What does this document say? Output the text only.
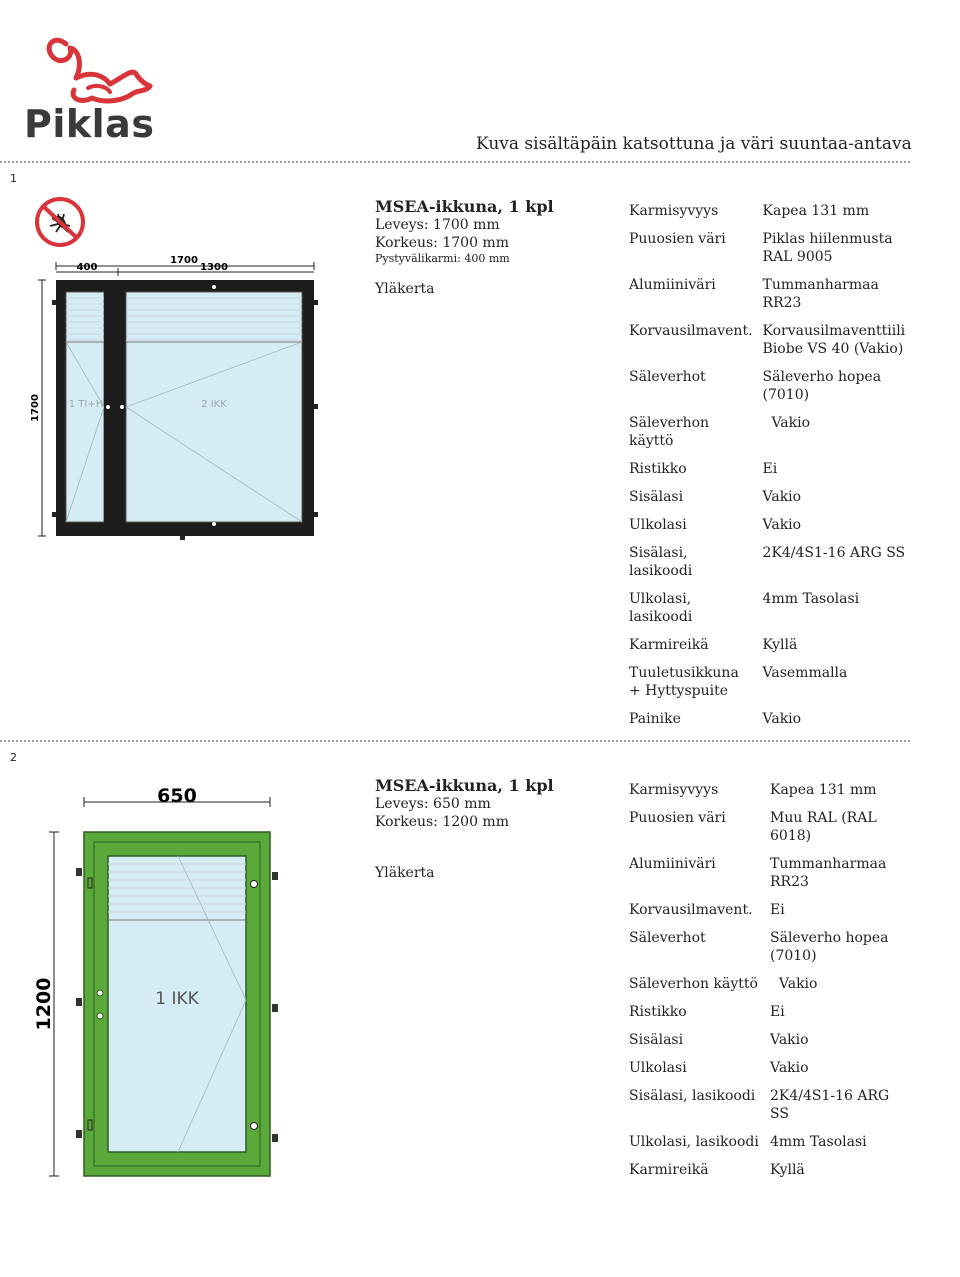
Piklas	Kuva sisältäpäin katsottuna ja väri suuntaa-antava
1
1700
400	1300
1700	1 TI+H	2 IKK
MSEA-ikkuna, 1 kpl
Leveys: 1700 mm
Korkeus: 1700 mm
Pystyvälikarmi: 400 mm
Yläkerta
Karmisyvyys	Kapea 131 mm
Puuosien väri	Piklas hiilenmusta RAL 9005
Alumiiniväri	Tummanharmaa RR23
Korvausilmavent.	Korvausilmaventtiili Biobe VS 40 (Vakio)
Säleverhot	Säleverho hopea (7010)
Säleverhon käyttö	Vakio
Ristikko	Ei
Sisälasi	Vakio
Ulkolasi	Vakio
Sisälasi, lasikoodi	2K4/4S1-16 ARG SS
Ulkolasi, lasikoodi	4mm Tasolasi
Karmireikä	Kyllä
Tuuletusikkuna + Hyttyspuite	Vasemmalla
Painike	Vakio
2
650
1200	1 IKK
MSEA-ikkuna, 1 kpl
Leveys: 650 mm
Korkeus: 1200 mm
Yläkerta
Karmisyvyys	Kapea 131 mm
Puuosien väri	Muu RAL (RAL 6018)
Alumiiniväri	Tummanharmaa RR23
Korvausilmavent.	Ei
Säleverhot	Säleverho hopea (7010)
Säleverhon käyttö	Vakio
Ristikko	Ei
Sisälasi	Vakio
Ulkolasi	Vakio
Sisälasi, lasikoodi	2K4/4S1-16 ARG SS
Ulkolasi, lasikoodi	4mm Tasolasi
Karmireikä	Kyllä
